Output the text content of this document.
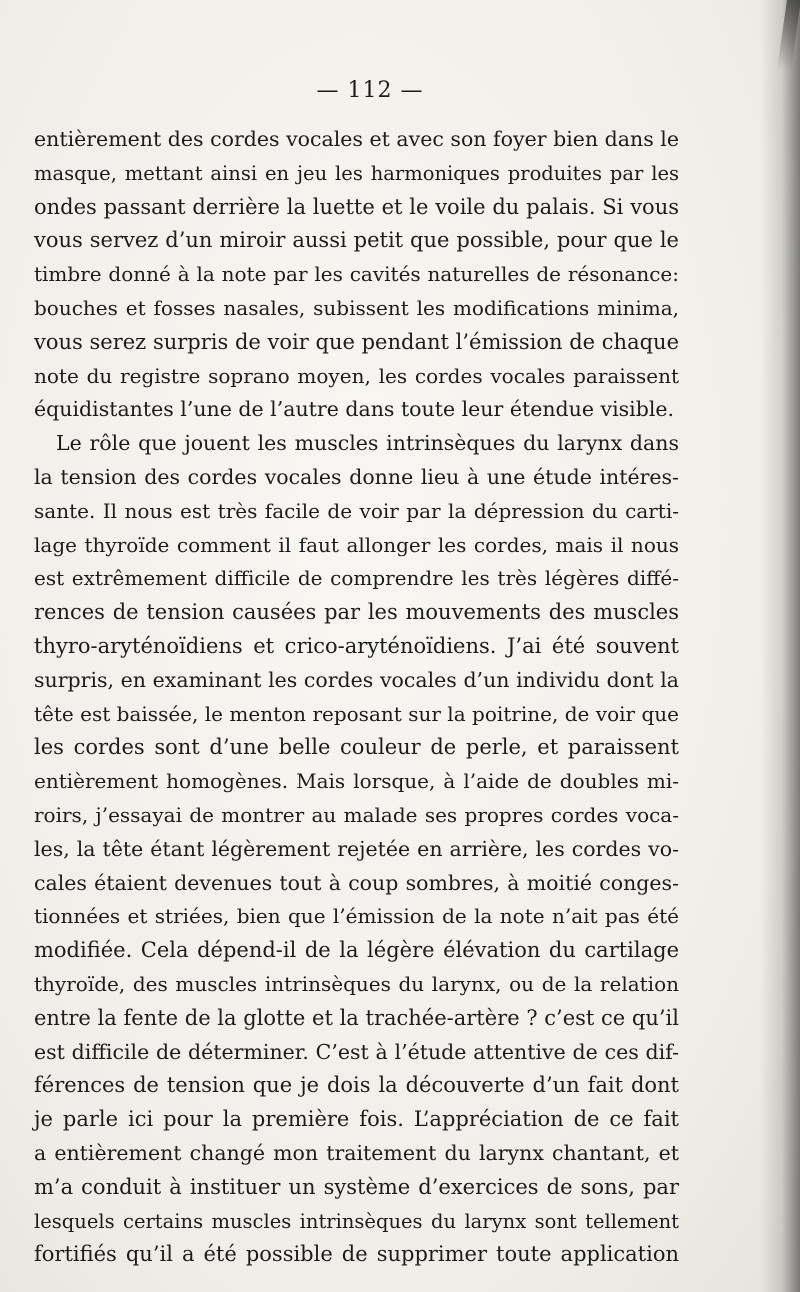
— 112 —
entièrement des cordes vocales et avec son foyer bien dans le
masque, mettant ainsi en jeu les harmoniques produites par les
ondes passant derrière la luette et le voile du palais. Si vous
vous servez d’un miroir aussi petit que possible, pour que le
timbre donné à la note par les cavités naturelles de résonance:
bouches et fosses nasales, subissent les modifications minima,
vous serez surpris de voir que pendant l’émission de chaque
note du registre soprano moyen, les cordes vocales paraissent
équidistantes l’une de l’autre dans toute leur étendue visible.
Le rôle que jouent les muscles intrinsèques du larynx dans
la tension des cordes vocales donne lieu à une étude intéres-
sante. Il nous est très facile de voir par la dépression du carti-
lage thyroïde comment il faut allonger les cordes, mais il nous
est extrêmement difficile de comprendre les très légères diffé-
rences de tension causées par les mouvements des muscles
thyro-aryténoïdiens et crico-aryténoïdiens. J’ai été souvent
surpris, en examinant les cordes vocales d’un individu dont la
tête est baissée, le menton reposant sur la poitrine, de voir que
les cordes sont d’une belle couleur de perle, et paraissent
entièrement homogènes. Mais lorsque, à l’aide de doubles mi-
roirs, j’essayai de montrer au malade ses propres cordes voca-
les, la tête étant légèrement rejetée en arrière, les cordes vo-
cales étaient devenues tout à coup sombres, à moitié conges-
tionnées et striées, bien que l’émission de la note n’ait pas été
modifiée. Cela dépend-il de la légère élévation du cartilage
thyroïde, des muscles intrinsèques du larynx, ou de la relation
entre la fente de la glotte et la trachée-artère ? c’est ce qu’il
est difficile de déterminer. C’est à l’étude attentive de ces dif-
férences de tension que je dois la découverte d’un fait dont
je parle ici pour la première fois. L’appréciation de ce fait
a entièrement changé mon traitement du larynx chantant, et
m’a conduit à instituer un système d’exercices de sons, par
lesquels certains muscles intrinsèques du larynx sont tellement
fortifiés qu’il a été possible de supprimer toute application
